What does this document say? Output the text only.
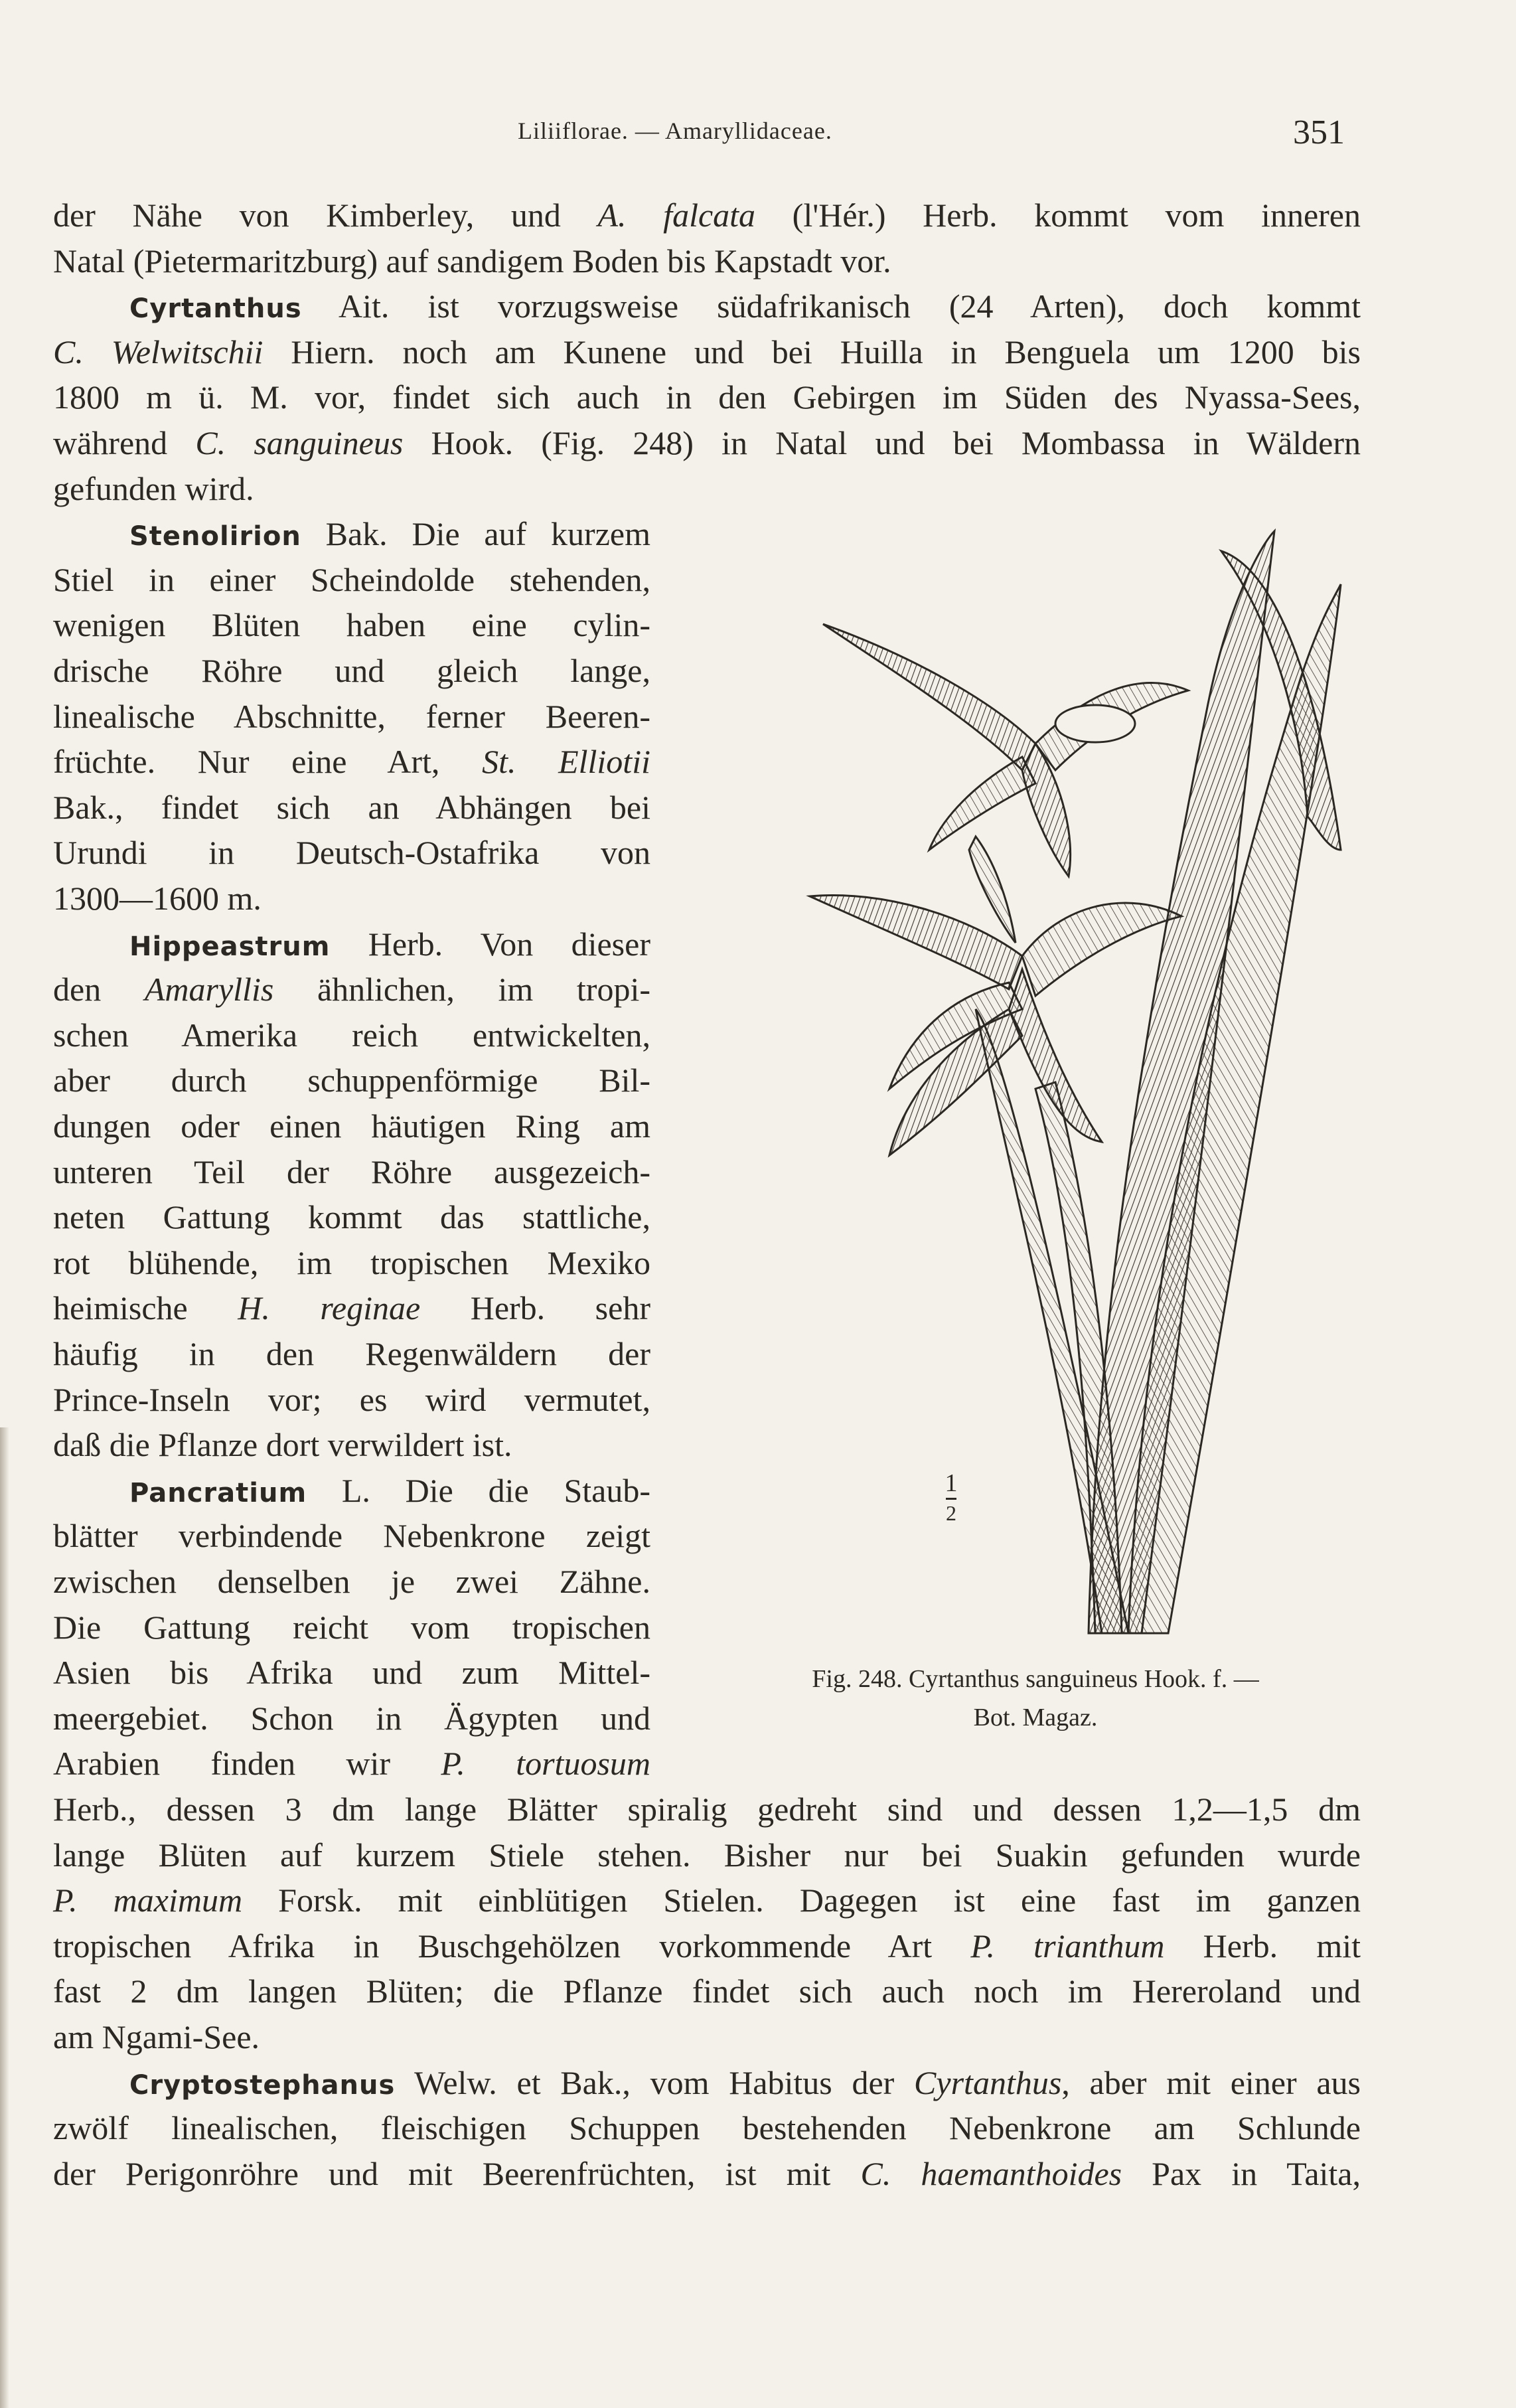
Liliiflorae. — Amaryllidaceae.	351
der Nähe von Kimberley, und A. falcata (l'Hér.) Herb. kommt vom inneren
Natal (Pietermaritzburg) auf sandigem Boden bis Kapstadt vor.
Cyrtanthus Ait. ist vorzugsweise südafrikanisch (24 Arten), doch kommt
C. Welwitschii Hiern. noch am Kunene und bei Huilla in Benguela um 1200 bis
1800 m ü. M. vor, findet sich auch in den Gebirgen im Süden des Nyassa-Sees,
während C. sanguineus Hook. (Fig. 248) in Natal und bei Mombassa in Wäldern
gefunden wird.
Stenolirion Bak. Die auf kurzem
Stiel in einer Scheindolde stehenden,
wenigen Blüten haben eine cylin-
drische Röhre und gleich lange,
linealische Abschnitte, ferner Beeren-
früchte. Nur eine Art, St. Elliotii
Bak., findet sich an Abhängen bei
Urundi in Deutsch-Ostafrika von
1300—1600 m.
Hippeastrum Herb. Von dieser
den Amaryllis ähnlichen, im tropi-
schen Amerika reich entwickelten,
aber durch schuppenförmige Bil-
dungen oder einen häutigen Ring am
unteren Teil der Röhre ausgezeich-
neten Gattung kommt das stattliche,
rot blühende, im tropischen Mexiko
heimische H. reginae Herb. sehr
häufig in den Regenwäldern der
Prince-Inseln vor; es wird vermutet,
daß die Pflanze dort verwildert ist.
Pancratium L. Die die Staub-
blätter verbindende Nebenkrone zeigt
zwischen denselben je zwei Zähne.
Die Gattung reicht vom tropischen
Asien bis Afrika und zum Mittel-
meergebiet. Schon in Ägypten und
Arabien finden wir P. tortuosum
Herb., dessen 3 dm lange Blätter spiralig gedreht sind und dessen 1,2—1,5 dm
lange Blüten auf kurzem Stiele stehen. Bisher nur bei Suakin gefunden wurde
P. maximum Forsk. mit einblütigen Stielen. Dagegen ist eine fast im ganzen
tropischen Afrika in Buschgehölzen vorkommende Art P. trianthum Herb. mit
fast 2 dm langen Blüten; die Pflanze findet sich auch noch im Hereroland und
am Ngami-See.
Cryptostephanus Welw. et Bak., vom Habitus der Cyrtanthus, aber mit einer aus
zwölf linealischen, fleischigen Schuppen bestehenden Nebenkrone am Schlunde
der Perigonröhre und mit Beerenfrüchten, ist mit C. haemanthoides Pax in Taita,
1
2
Fig. 248. Cyrtanthus sanguineus Hook. f. —
Bot. Magaz.
